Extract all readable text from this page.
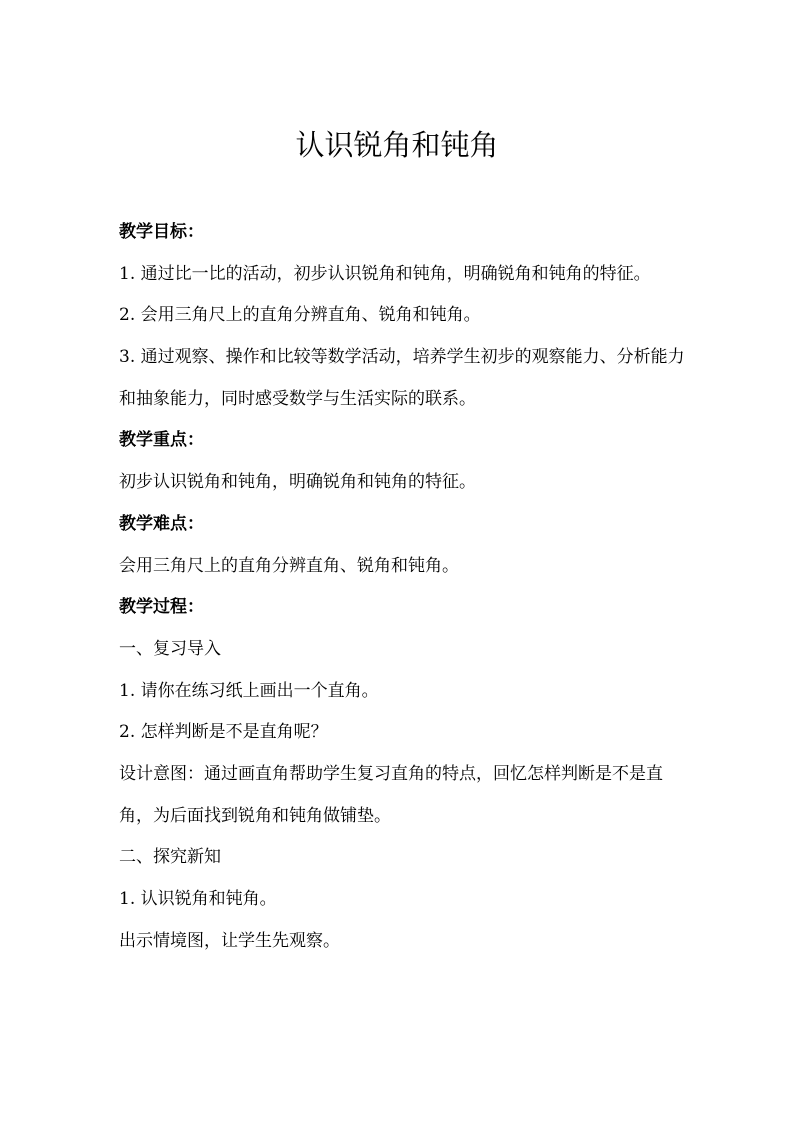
认识锐角和钝角
教学目标：
1. 通过比一比的活动，初步认识锐角和钝角，明确锐角和钝角的特征。
2. 会用三角尺上的直角分辨直角、锐角和钝角。
3. 通过观察、操作和比较等数学活动，培养学生初步的观察能力、分析能力和抽象能力，同时感受数学与生活实际的联系。
教学重点：
初步认识锐角和钝角，明确锐角和钝角的特征。
教学难点：
会用三角尺上的直角分辨直角、锐角和钝角。
教学过程：
一、复习导入
1. 请你在练习纸上画出一个直角。
2. 怎样判断是不是直角呢？
设计意图：通过画直角帮助学生复习直角的特点，回忆怎样判断是不是直角，为后面找到锐角和钝角做铺垫。
二、探究新知
1. 认识锐角和钝角。
出示情境图，让学生先观察。
